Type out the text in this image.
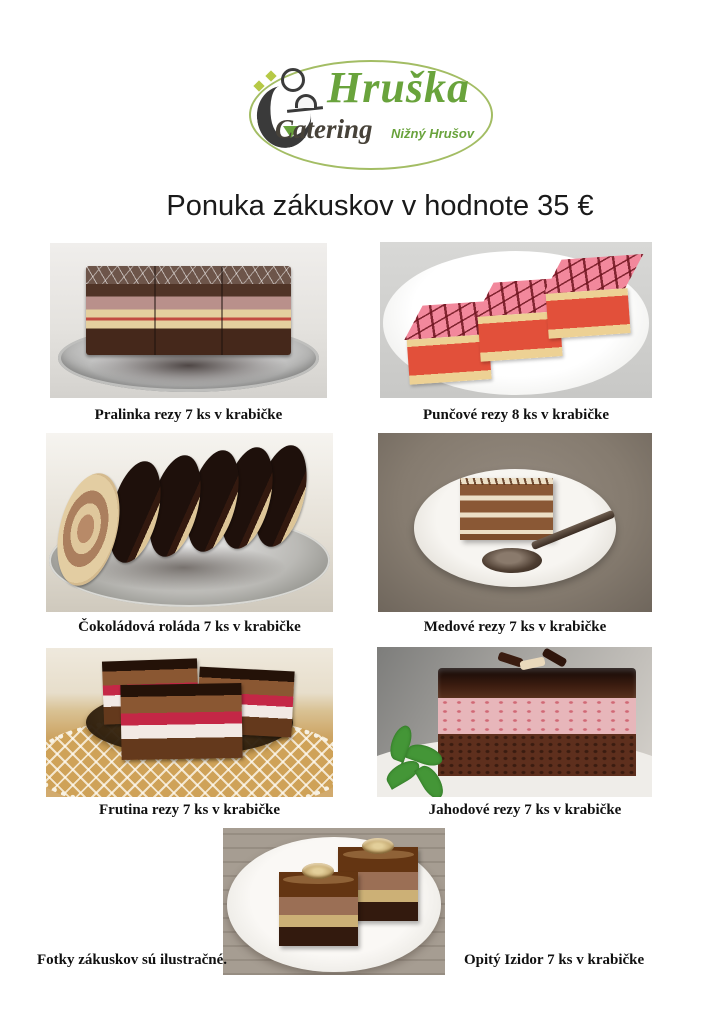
Hruška
Catering Nižný Hrušov
Ponuka zákuskov v hodnote 35 €
Pralinka rezy 7 ks v krabičke	Punčové rezy 8 ks v krabičke
Čokoládová roláda 7 ks v krabičke	Medové rezy 7 ks v krabičke
Frutina rezy 7 ks v krabičke	Jahodové rezy 7 ks v krabičke
Fotky zákuskov sú ilustračné.	Opitý Izidor 7 ks v krabičke
